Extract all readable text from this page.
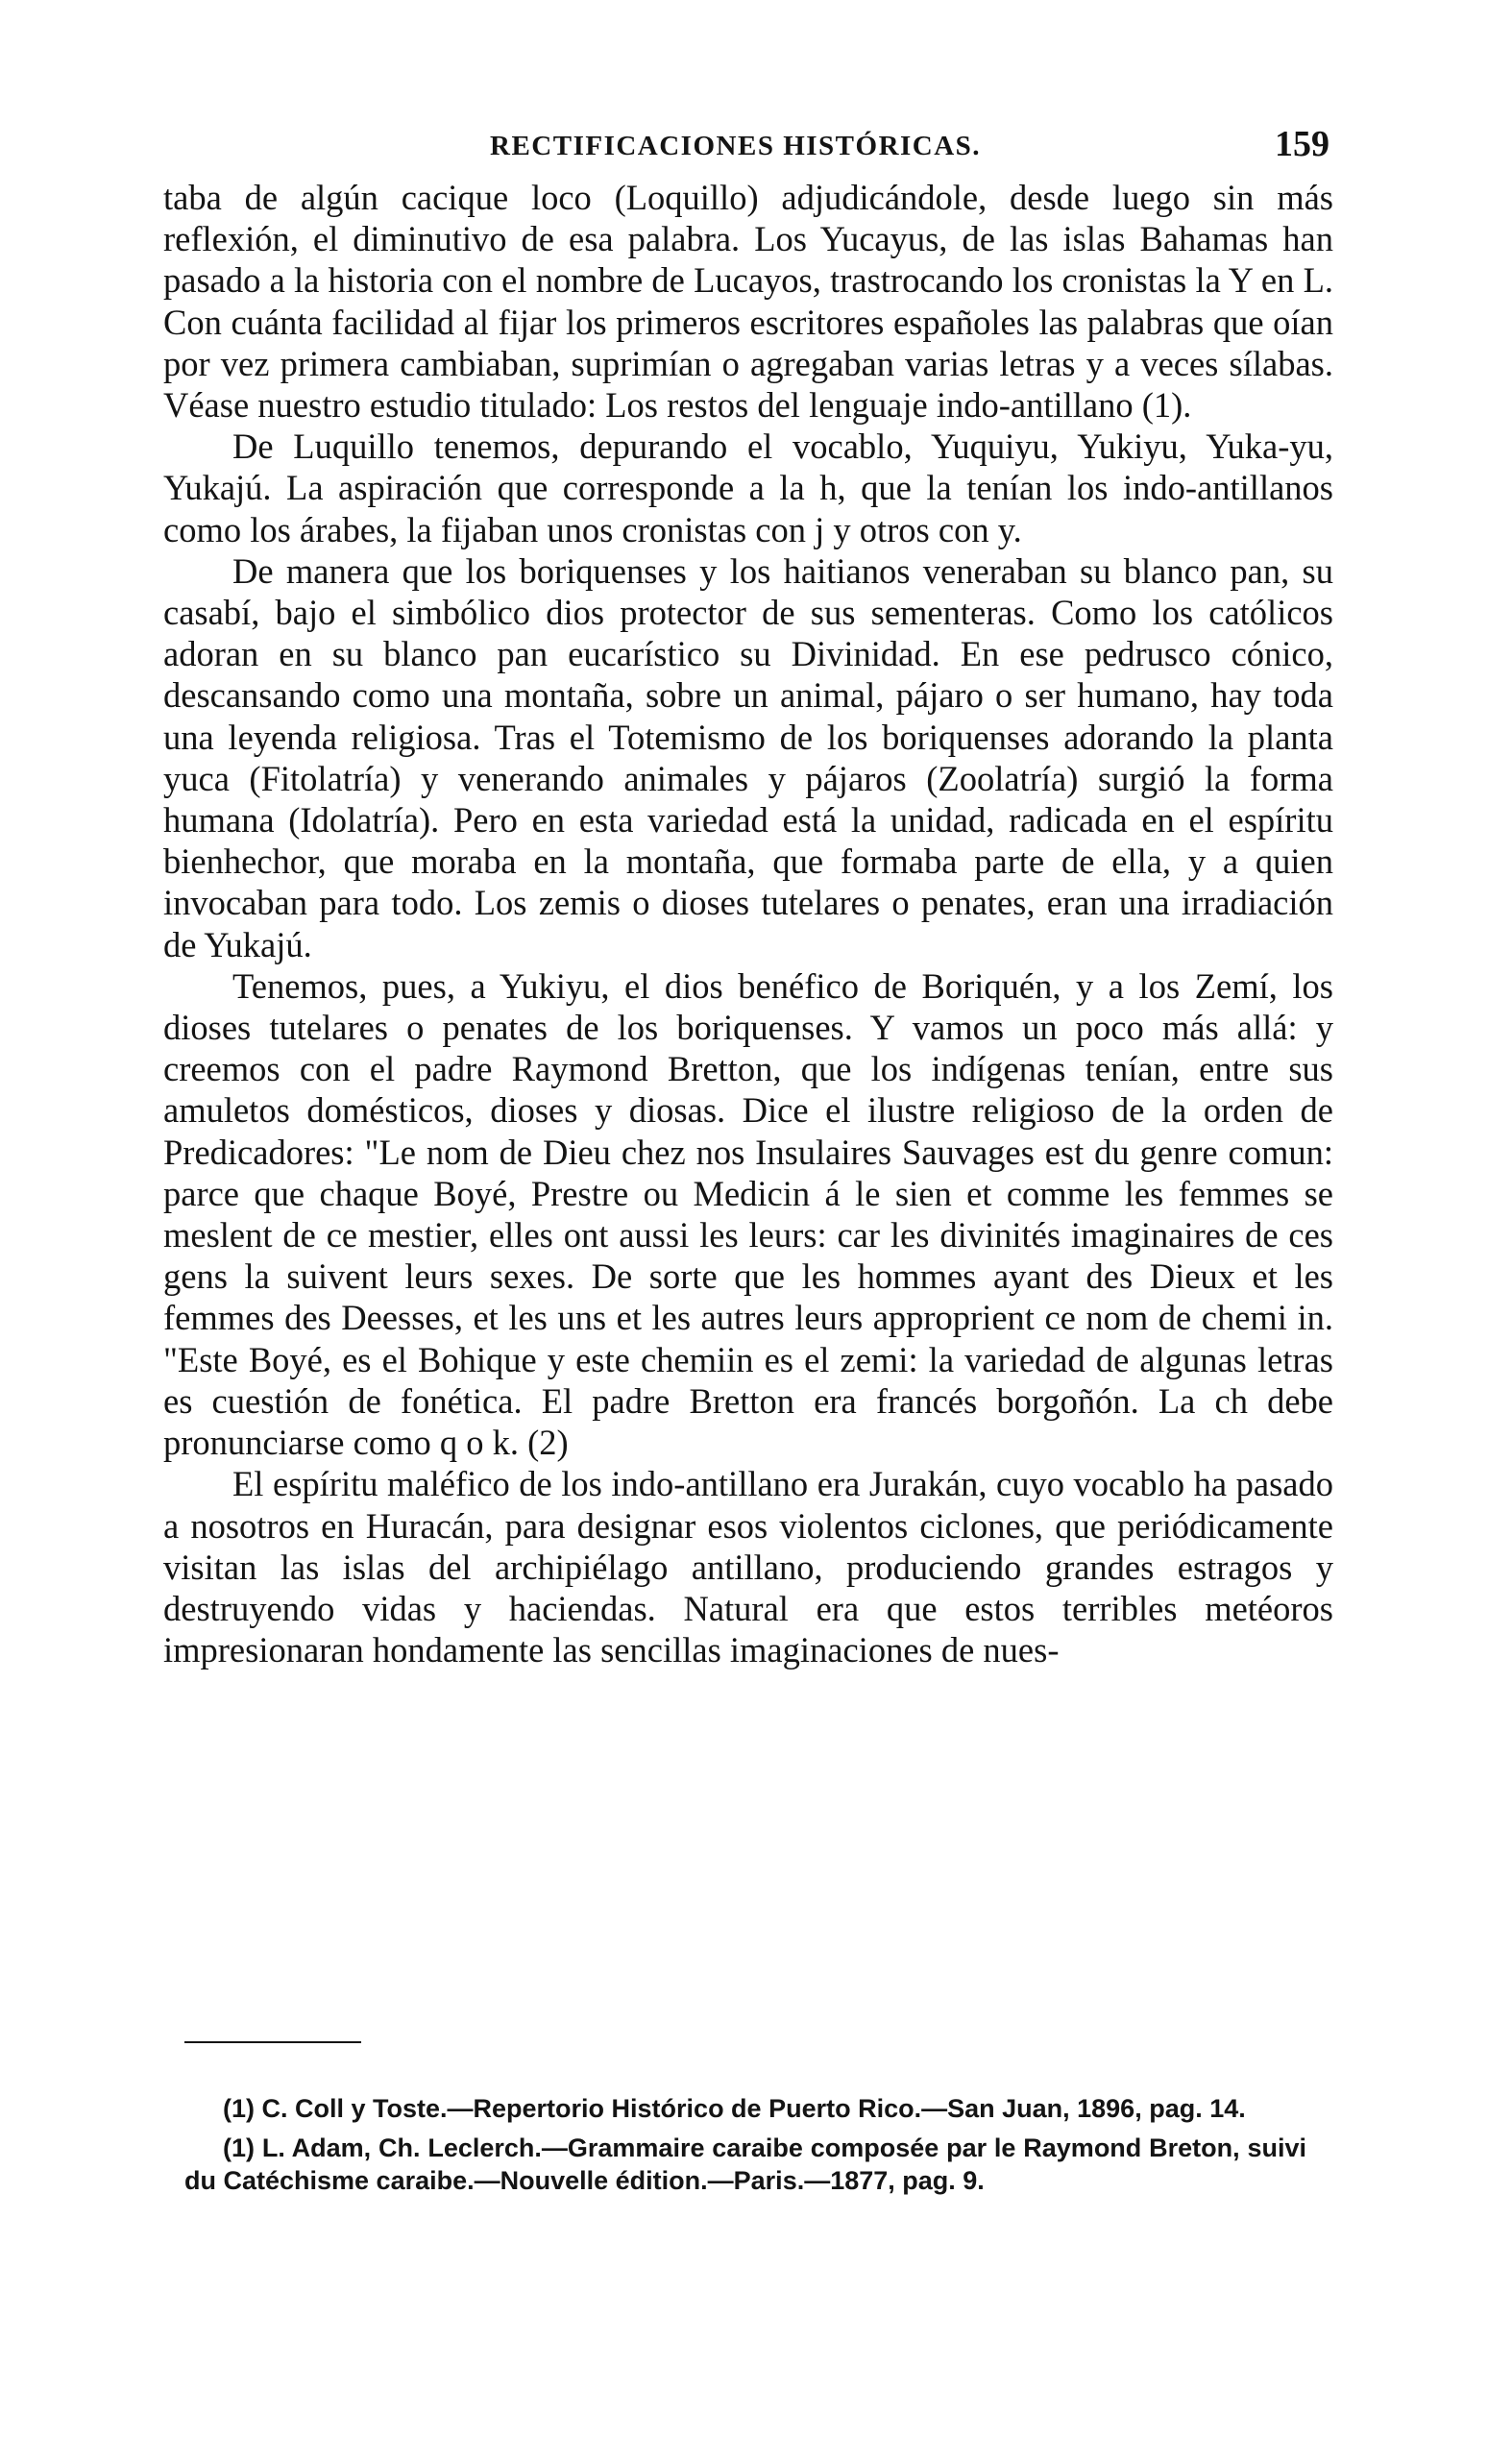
RECTIFICACIONES HISTÓRICAS.	159

taba de algún cacique loco (Loquillo) adjudicándole, desde luego sin más reflexión, el diminutivo de esa palabra. Los Yucayus, de las islas Bahamas han pasado a la historia con el nombre de Lucayos, trastrocando los cronistas la Y en L. Con cuánta facilidad al fijar los primeros escritores españoles las palabras que oían por vez primera cambiaban, suprimían o agregaban varias letras y a veces sílabas. Véase nuestro estudio titulado: Los restos del lenguaje indo-antillano (1).

De Luquillo tenemos, depurando el vocablo, Yuquiyu, Yukiyu, Yuka-yu, Yukajú. La aspiración que corresponde a la h, que la tenían los indo-antillanos como los árabes, la fijaban unos cronistas con j y otros con y.

De manera que los boriquenses y los haitianos veneraban su blanco pan, su casabí, bajo el simbólico dios protector de sus sementeras. Como los católicos adoran en su blanco pan eucarístico su Divinidad. En ese pedrusco cónico, descansando como una montaña, sobre un animal, pájaro o ser humano, hay toda una leyenda religiosa. Tras el Totemismo de los boriquenses adorando la planta yuca (Fitolatría) y venerando animales y pájaros (Zoolatría) surgió la forma humana (Idolatría). Pero en esta variedad está la unidad, radicada en el espíritu bienhechor, que moraba en la montaña, que formaba parte de ella, y a quien invocaban para todo. Los zemis o dioses tutelares o penates, eran una irradiación de Yukajú.

Tenemos, pues, a Yukiyu, el dios benéfico de Boriquén, y a los Zemí, los dioses tutelares o penates de los boriquenses. Y vamos un poco más allá: y creemos con el padre Raymond Bretton, que los indígenas tenían, entre sus amuletos domésticos, dioses y diosas. Dice el ilustre religioso de la orden de Predicadores: "Le nom de Dieu chez nos Insulaires Sauvages est du genre comun: parce que chaque Boyé, Prestre ou Medicin á le sien et comme les femmes se meslent de ce mestier, elles ont aussi les leurs: car les divinités imaginaires de ces gens la suivent leurs sexes. De sorte que les hommes ayant des Dieux et les femmes des Deesses, et les uns et les autres leurs approprient ce nom de chemi in. "Este Boyé, es el Bohique y este chemiin es el zemi: la variedad de algunas letras es cuestión de fonética. El padre Bretton era francés borgoñón. La ch debe pronunciarse como q o k. (2)

El espíritu maléfico de los indo-antillano era Jurakán, cuyo vocablo ha pasado a nosotros en Huracán, para designar esos violentos ciclones, que periódicamente visitan las islas del archipiélago antillano, produciendo grandes estragos y destruyendo vidas y haciendas. Natural era que estos terribles metéoros impresionaran hondamente las sencillas imaginaciones de nues-

(1) C. Coll y Toste.—Repertorio Histórico de Puerto Rico.—San Juan, 1896, pag. 14.

(1) L. Adam, Ch. Leclerch.—Grammaire caraibe composée par le Raymond Breton, suivi du Catéchisme caraibe.—Nouvelle édition.—Paris.—1877, pag. 9.
